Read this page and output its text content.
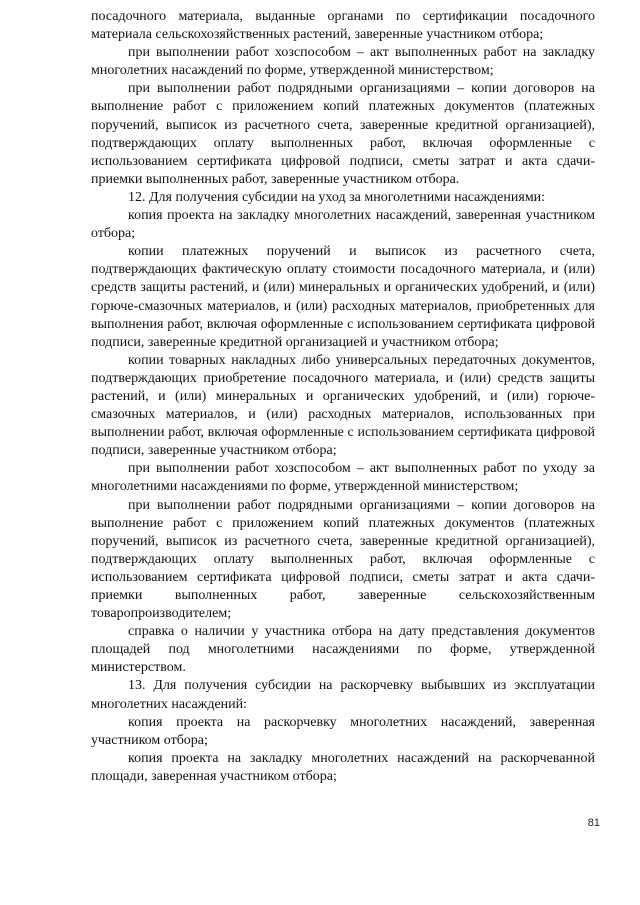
посадочного материала, выданные органами по сертификации посадочного материала сельскохозяйственных растений, заверенные участником отбора;

при выполнении работ хозспособом – акт выполненных работ на закладку многолетних насаждений по форме, утвержденной министерством;

при выполнении работ подрядными организациями – копии договоров на выполнение работ с приложением копий платежных документов (платежных поручений, выписок из расчетного счета, заверенные кредитной организацией), подтверждающих оплату выполненных работ, включая оформленные с использованием сертификата цифровой подписи, сметы затрат и акта сдачи-приемки выполненных работ, заверенные участником отбора.

12. Для получения субсидии на уход за многолетними насаждениями:

копия проекта на закладку многолетних насаждений, заверенная участником отбора;

копии платежных поручений и выписок из расчетного счета, подтверждающих фактическую оплату стоимости посадочного материала, и (или) средств защиты растений, и (или) минеральных и органических удобрений, и (или) горюче-смазочных материалов, и (или) расходных материалов, приобретенных для выполнения работ, включая оформленные с использованием сертификата цифровой подписи, заверенные кредитной организацией и участником отбора;

копии товарных накладных либо универсальных передаточных документов, подтверждающих приобретение посадочного материала, и (или) средств защиты растений, и (или) минеральных и органических удобрений, и (или) горюче-смазочных материалов, и (или) расходных материалов, использованных при выполнении работ, включая оформленные с использованием сертификата цифровой подписи, заверенные участником отбора;

при выполнении работ хозспособом – акт выполненных работ по уходу за многолетними насаждениями по форме, утвержденной министерством;

при выполнении работ подрядными организациями – копии договоров на выполнение работ с приложением копий платежных документов (платежных поручений, выписок из расчетного счета, заверенные кредитной организацией), подтверждающих оплату выполненных работ, включая оформленные с использованием сертификата цифровой подписи, сметы затрат и акта сдачи-приемки выполненных работ, заверенные сельскохозяйственным товаропроизводителем;

справка о наличии у участника отбора на дату представления документов площадей под многолетними насаждениями по форме, утвержденной министерством.

13. Для получения субсидии на раскорчевку выбывших из эксплуатации многолетних насаждений:

копия проекта на раскорчевку многолетних насаждений, заверенная участником отбора;

копия проекта на закладку многолетних насаждений на раскорчеванной площади, заверенная участником отбора;

81
